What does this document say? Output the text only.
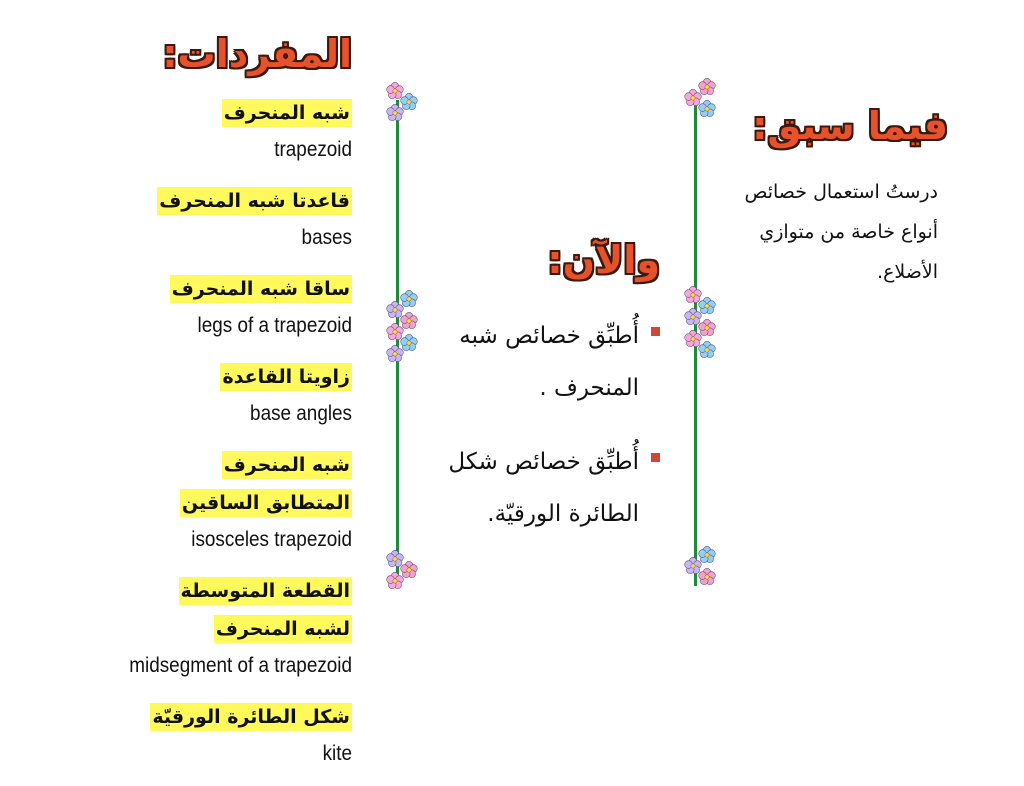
المفردات:
شبه المنحرف
trapezoid
قاعدتا شبه المنحرف
bases
ساقا شبه المنحرف
legs of a trapezoid
زاويتا القاعدة
base angles
شبه المنحرف
المتطابق الساقين
isosceles trapezoid
القطعة المتوسطة
لشبه المنحرف
midsegment of a trapezoid
شكل الطائرة الورقيّة
kite
والآن:
أُطبِّق خصائص شبه المنحرف .
أُطبِّق خصائص شكل الطائرة الورقيّة.
فيما سبق:
درستُ استعمال خصائص أنواع خاصة من متوازي الأضلاع.
